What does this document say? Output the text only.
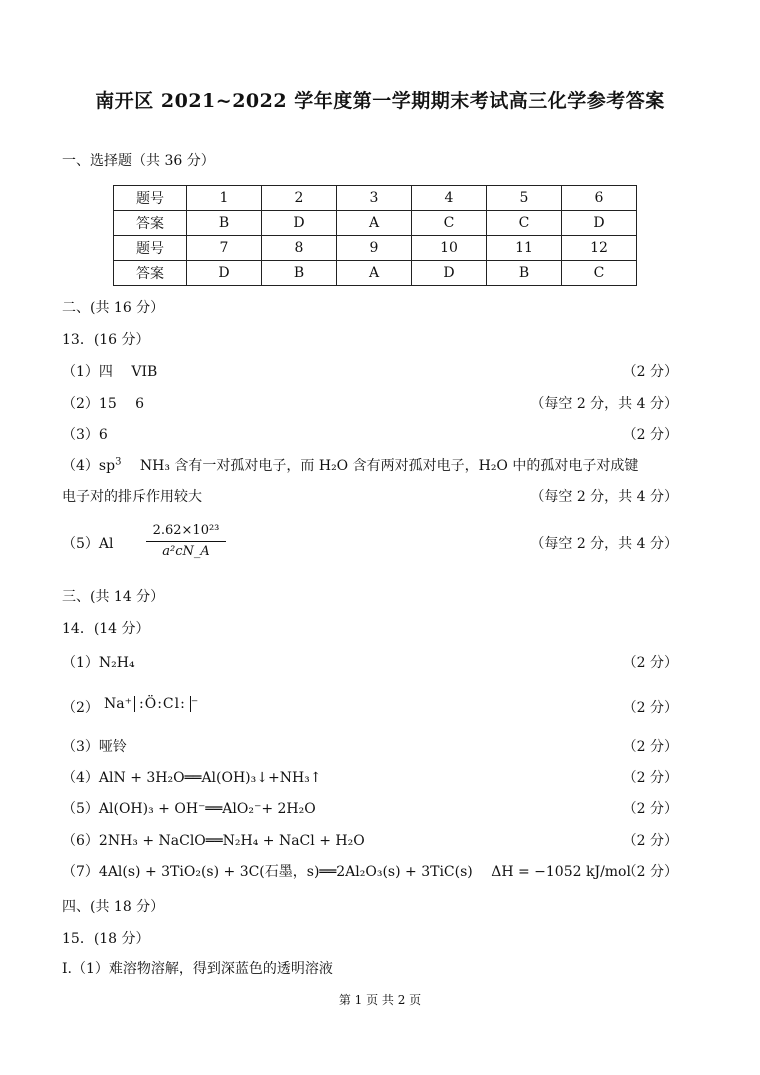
南开区 2021~2022 学年度第一学期期末考试高三化学参考答案
一、选择题（共 36 分）
题号	1	2	3	4	5	6
答案	B	D	A	C	C	D
题号	7	8	9	10	11	12
答案	D	B	A	D	B	C
二、(共 16 分）
13．(16 分）
（1）四　 VIB	（2 分）
（2）15　 6	（每空 2 分，共 4 分）
（3）6	（2 分）
$(4)sp^3$　 NH₃ 含有一对孤对电子，而 H₂O 含有两对孤对电子，H₂O 中的孤对电子对成键
电子对的排斥作用较大	（每空 2 分，共 4 分）
（5）Al	$\frac{\text{2.62×10²³}}{\text{a²cN\_A}}$	（每空 2 分，共 4 分）
三、(共 14 分）
14．(14 分）
（1）N₂H₄	（2 分）
（2） Na⁺ :Ö:Cl: ⁻	（2 分）
（3）哑铃	（2 分）
（4）AlN + 3H₂O══Al(OH)₃↓+NH₃↑	（2 分）
（5）Al(OH)₃ + OH⁻══AlO₂⁻+ 2H₂O	（2 分）
（6）2NH₃ + NaClO══N₂H₄ + NaCl + H₂O	（2 分）
（7）4Al(s) + 3TiO₂(s) + 3C(石墨，s)══2Al₂O₃(s) + 3TiC(s)　 ΔH = −1052 kJ/mol
（2 分）
四、(共 18 分）
15．(18 分）
I.（1）难溶物溶解，得到深蓝色的透明溶液
第 1 页 共 2 页
